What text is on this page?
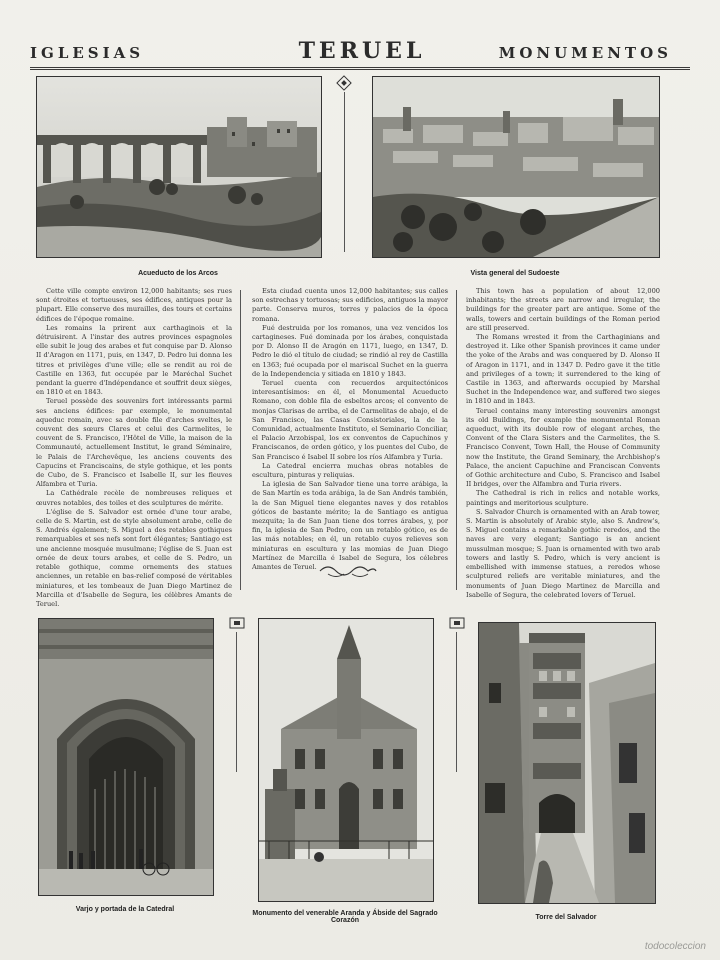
IGLESIAS	TERUEL	MONUMENTOS
Acueducto de los Arcos	Vista general del Sudoeste

Cette ville compte environ 12,000 habitants; ses rues sont étroites et tortueuses, ses édifices, antiques pour la plupart. Elle conserve des murailles, des tours et certains édifices de l'époque romaine.

Les romains la prirent aux carthaginois et la détruisirent. A l'instar des autres provinces espagnoles elle subit le joug des arabes et fut conquise par D. Alonso II d'Aragon en 1171, puis, en 1347, D. Pedro lui donna les titres et privilèges d'une ville; elle se rendit au roi de Castille en 1363, fut occupée par le Maréchal Suchet pendant la guerre d'Indépendance et souffrit deux sièges, en 1810 et en 1843.

Teruel possède des souvenirs fort intéressants parmi ses anciens édifices: par exemple, le monumental aqueduc romain, avec sa double file d'arches sveltes, le couvent des sœurs Clares et celui des Carmelites, le couvent de S. Francisco, l'Hôtel de Ville, la maison de la Communauté, actuellement Institut, le grand Séminaire, le Palais de l'Archevêque, les anciens couvents des Capucins et Franciscains, de style gothique, et les ponts de Cubo, de S. Francisco et Isabelle II, sur les fleuves Alfambra et Turia.

La Cathédrale recèle de nombreuses reliques et œuvres notables, des toiles et des sculptures de mérite.

L'église de S. Salvador est ornée d'une tour arabe, celle de S. Martin, est de style absolument arabe, celle de S. Andrés également; S. Miguel a des retables gothiques remarquables et ses nefs sont fort élégantes; Santiago est une ancienne mosquée musulmane; l'église de S. Juan est ornée de deux tours arabes, et celle de S. Pedro, un retable gothique, comme ornements des statues anciennes, un retable en bas-relief composé de véritables miniatures, et les tombeaux de Juan Diego Martinez de Marcilla et d'Isabelle de Segura, les célèbres Amants de Teruel.

Esta ciudad cuenta unos 12,000 habitantes; sus calles son estrechas y tortuosas; sus edificios, antiguos la mayor parte. Conserva muros, torres y palacios de la época romana.

Fué destruida por los romanos, una vez vencidos los cartagineses. Fué dominada por los árabes, conquistada por D. Alonso II de Aragón en 1171, luego, en 1347, D. Pedro le dió el título de ciudad; se rindió al rey de Castilla en 1363; fué ocupada por el mariscal Suchet en la guerra de la Independencia y sitiada en 1810 y 1843.

Teruel cuenta con recuerdos arquitectónicos interesantísimos: en él, el Monumental Acueducto Romano, con doble fila de esbeltos arcos; el convento de monjas Clarisas de arriba, el de Carmelitas de abajo, el de San Francisco, las Casas Consistoriales, la de la Comunidad, actualmente Instituto, el Seminario Conciliar, el Palacio Arzobispal, los ex conventos de Capuchinos y Franciscanos, de orden gótico, y los puentes del Cubo, de San Francisco é Isabel II sobre los ríos Alfambra y Turia.

La Catedral encierra muchas obras notables de escultura, pinturas y reliquias.

La iglesia de San Salvador tiene una torre arábiga, la de San Martín es toda arábiga, la de San Andrés también, la de San Miguel tiene elegantes naves y dos retablos góticos de bastante mérito; la de Santiago es antigua mezquita; la de San Juan tiene dos torres árabes, y, por fin, la iglesia de San Pedro, con un retablo gótico, es de las más notables; en él, un retablo cuyos relieves son miniaturas en escultura y las momias de Juan Diego Martínez de Marcilla é Isabel de Segura, los célebres Amantes de Teruel.

This town has a population of about 12,000 inhabitants; the streets are narrow and irregular, the buildings for the greater part are antique. Some of the walls, towers and certain buildings of the Roman period are still preserved.

The Romans wrested it from the Carthaginians and destroyed it. Like other Spanish provinces it came under the yoke of the Arabs and was conquered by D. Alonso II of Aragon in 1171, and in 1347 D. Pedro gave it the title and privileges of a town; it surrendered to the king of Castile in 1363, and afterwards occupied by Marshal Suchet in the Independence war, and suffered two sieges in 1810 and in 1843.

Teruel contains many interesting souvenirs amongst its old Buildings, for example the monumental Roman aqueduct, with its double row of elegant arches, the Convent of the Clara Sisters and the Carmelites, the S. Francisco Convent, Town Hall, the House of Community now the Institute, the Grand Seminary, the Archbishop's Palace, the ancient Capuchine and Franciscan Convents of Gothic architecture and Cubo, S. Francisco and Isabel II bridges, over the Alfambra and Turia rivers.

The Cathedral is rich in relics and notable works, paintings and meritorious sculpture.

S. Salvador Church is ornamented with an Arab tower, S. Martin is absolutely of Arabic style, also S. Andrew's, S. Miguel contains a remarkable gothic reredos, and the naves are very elegant; Santiago is an ancient mussulman mosque; S. Juan is ornamented with two arab towers and lastly S. Pedro, which is very ancient is embellished with immense statues, a reredos whose sculptured reliefs are veritable miniatures, and the monuments of Juan Diego Martinez de Marcilla and Isabelle of Segura, the celebrated lovers of Teruel.

Varjo y portada de la Catedral
Monumento del venerable Aranda y Ábside del Sagrado Corazón	Torre del Salvador
todocoleccion
